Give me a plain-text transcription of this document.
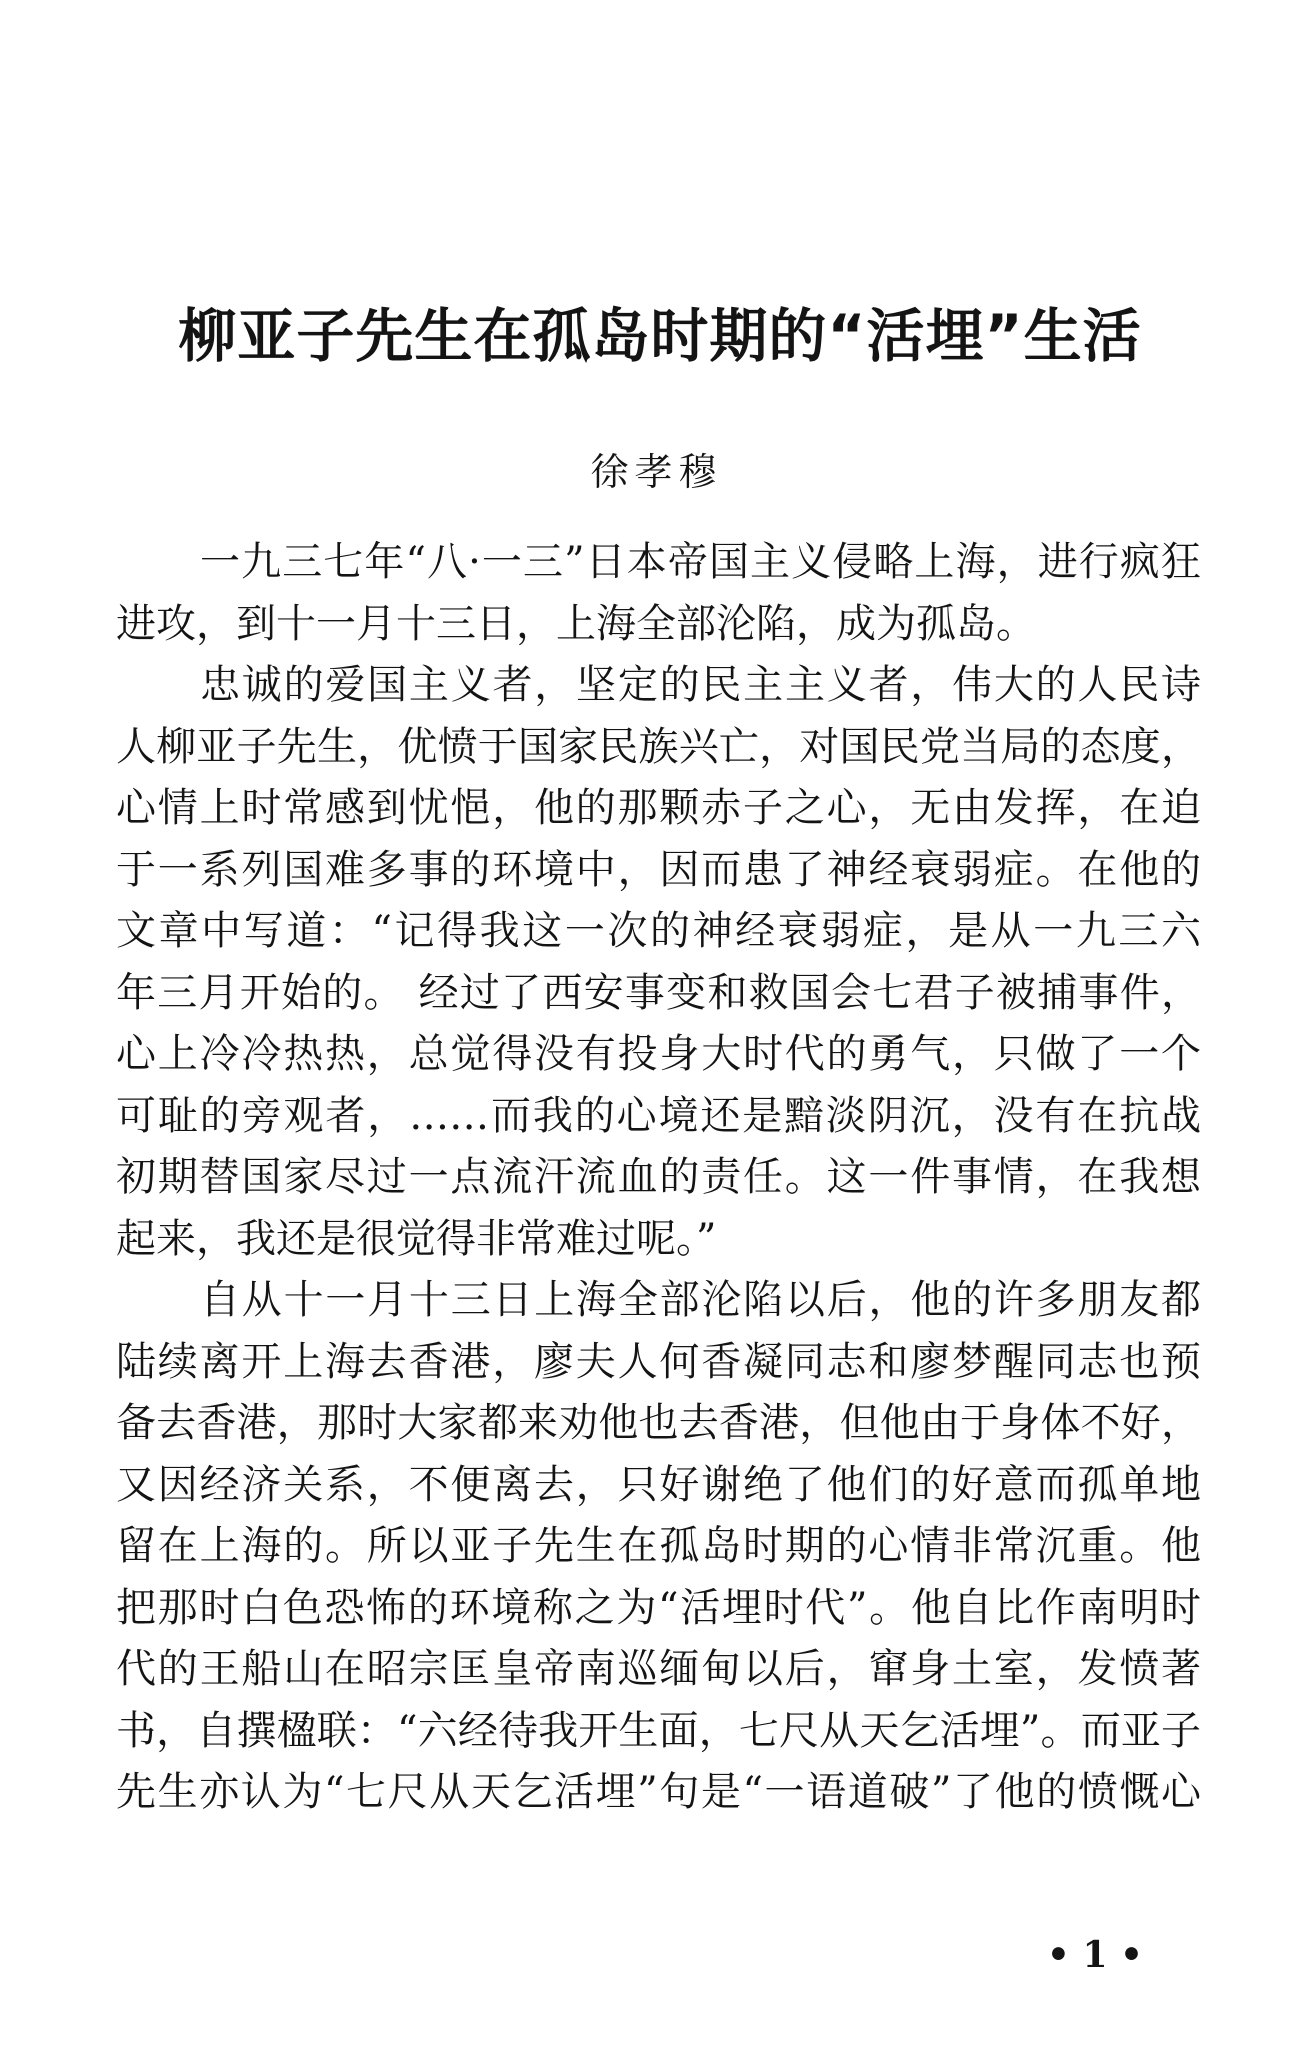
柳亚子先生在孤岛时期的“活埋”生活

徐孝穆

一九三七年“八·一三”日本帝国主义侵略上海，进行疯狂
进攻，到十一月十三日，上海全部沦陷，成为孤岛。
忠诚的爱国主义者，坚定的民主主义者，伟大的人民诗
人柳亚子先生，优愤于国家民族兴亡，对国民党当局的态度，
心情上时常感到忧悒，他的那颗赤子之心，无由发挥，在迫
于一系列国难多事的环境中，因而患了神经衰弱症。在他的
文章中写道：“记得我这一次的神经衰弱症，是从一九三六
年三月开始的。 经过了西安事变和救国会七君子被捕事件，
心上冷冷热热，总觉得没有投身大时代的勇气，只做了一个
可耻的旁观者，……而我的心境还是黯淡阴沉，没有在抗战
初期替国家尽过一点流汗流血的责任。这一件事情，在我想
起来，我还是很觉得非常难过呢。”
自从十一月十三日上海全部沦陷以后，他的许多朋友都
陆续离开上海去香港，廖夫人何香凝同志和廖梦醒同志也预
备去香港，那时大家都来劝他也去香港，但他由于身体不好，
又因经济关系，不便离去，只好谢绝了他们的好意而孤单地
留在上海的。所以亚子先生在孤岛时期的心情非常沉重。他
把那时白色恐怖的环境称之为“活埋时代”。他自比作南明时
代的王船山在昭宗匡皇帝南巡缅甸以后，窜身土室，发愤著
书，自撰楹联：“六经待我开生面，七尺从天乞活埋”。而亚子
先生亦认为“七尺从天乞活埋”句是“一语道破”了他的愤慨心
• 1 •
